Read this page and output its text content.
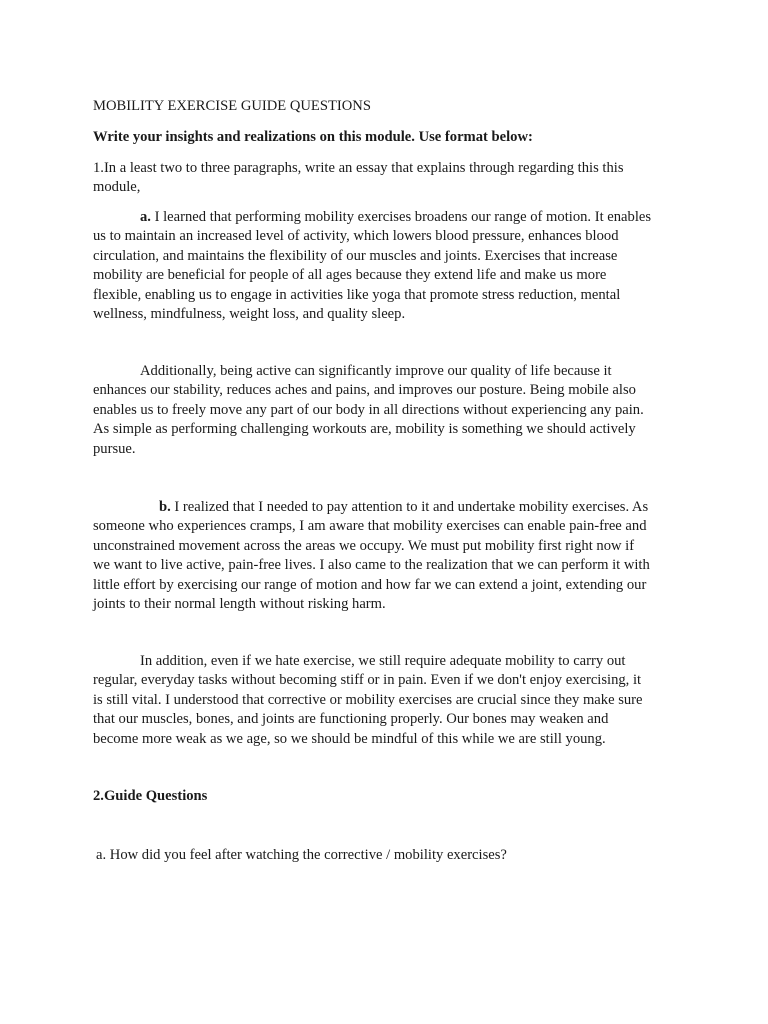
MOBILITY EXERCISE GUIDE QUESTIONS

Write your insights and realizations on this module. Use format below:

1.In a least two to three paragraphs, write an essay that explains through regarding this this module,

a. I learned that performing mobility exercises broadens our range of motion. It enables us to maintain an increased level of activity, which lowers blood pressure, enhances blood circulation, and maintains the flexibility of our muscles and joints. Exercises that increase mobility are beneficial for people of all ages because they extend life and make us more flexible, enabling us to engage in activities like yoga that promote stress reduction, mental wellness, mindfulness, weight loss, and quality sleep.

Additionally, being active can significantly improve our quality of life because it enhances our stability, reduces aches and pains, and improves our posture. Being mobile also enables us to freely move any part of our body in all directions without experiencing any pain. As simple as performing challenging workouts are, mobility is something we should actively pursue.

b. I realized that I needed to pay attention to it and undertake mobility exercises. As someone who experiences cramps, I am aware that mobility exercises can enable pain-free and unconstrained movement across the areas we occupy. We must put mobility first right now if we want to live active, pain-free lives. I also came to the realization that we can perform it with little effort by exercising our range of motion and how far we can extend a joint, extending our joints to their normal length without risking harm.

In addition, even if we hate exercise, we still require adequate mobility to carry out regular, everyday tasks without becoming stiff or in pain. Even if we don't enjoy exercising, it is still vital. I understood that corrective or mobility exercises are crucial since they make sure that our muscles, bones, and joints are functioning properly. Our bones may weaken and become more weak as we age, so we should be mindful of this while we are still young.

2.Guide Questions

a. How did you feel after watching the corrective / mobility exercises?
